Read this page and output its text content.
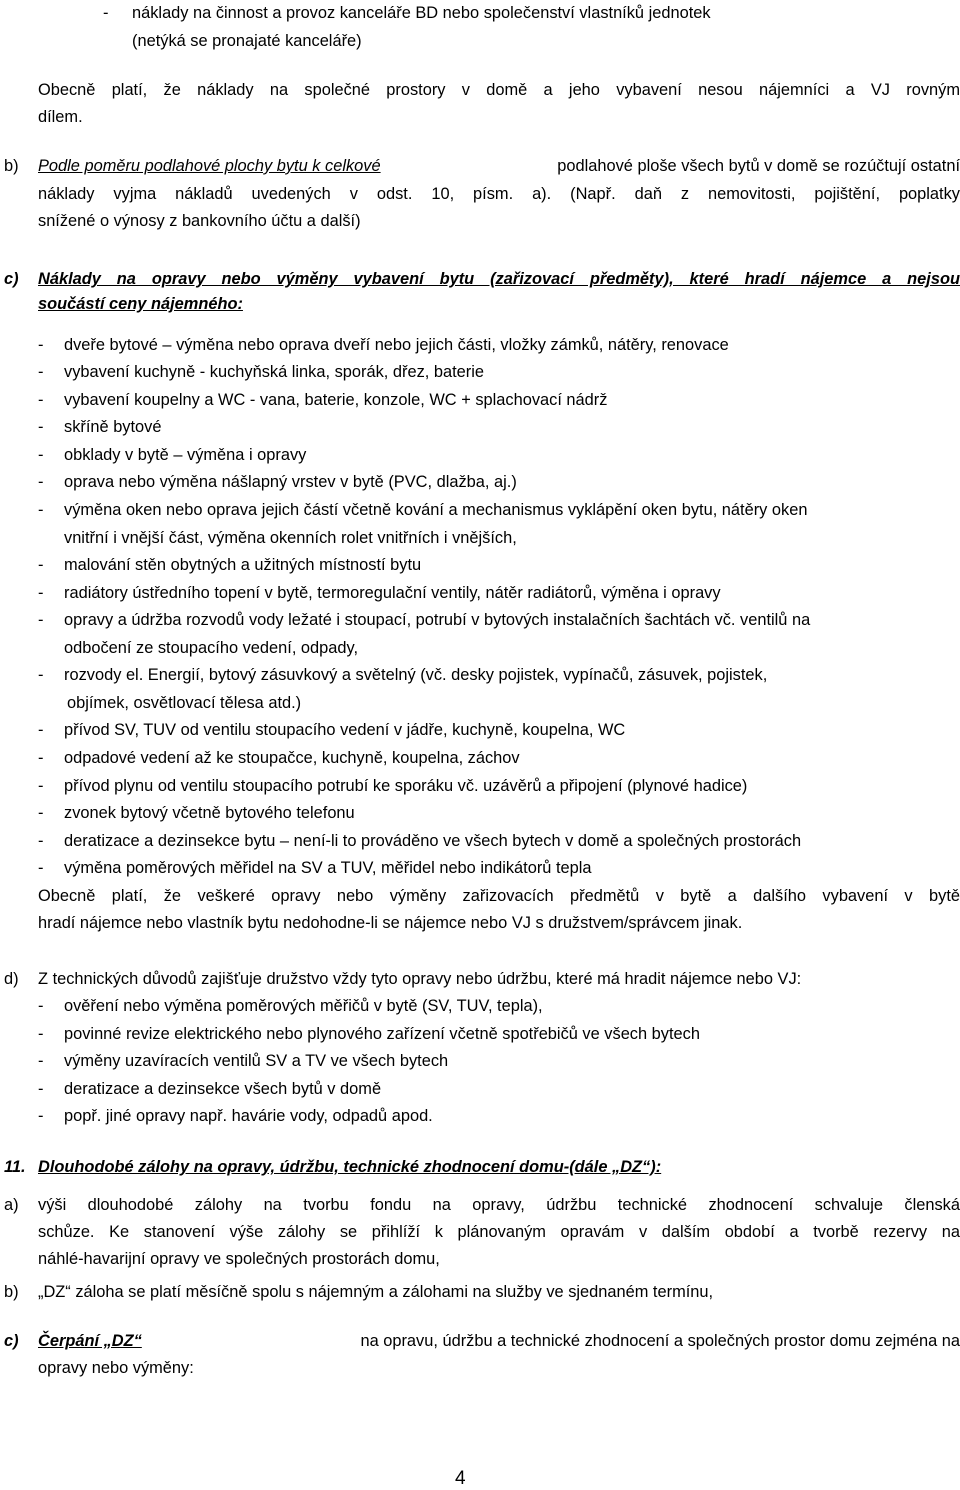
- náklady na činnost a provoz kanceláře BD nebo společenství vlastníků jednotek
(netýká se pronajaté kanceláře)
Obecně platí, že náklady na společné prostory v domě a jeho vybavení nesou nájemníci a VJ rovným
dílem.
b) Podle poměru podlahové plochy bytu k celkové	podlahové ploše všech bytů v domě se rozúčtují ostatní
náklady vyjma nákladů uvedených v odst. 10, písm. a). (Např. daň z nemovitosti, pojištění, poplatky
snížené o výnosy z bankovního účtu a další)
c) Náklady na opravy nebo výměny vybavení bytu (zařizovací předměty), které hradí nájemce a nejsou
součástí ceny nájemného:
- dveře bytové – výměna nebo oprava dveří nebo jejich části, vložky zámků, nátěry, renovace
- vybavení kuchyně - kuchyňská linka, sporák, dřez, baterie
- vybavení koupelny a WC - vana, baterie, konzole, WC + splachovací nádrž
- skříně bytové
- obklady v bytě – výměna i opravy
- oprava nebo výměna nášlapný vrstev v bytě (PVC, dlažba, aj.)
- výměna oken nebo oprava jejich částí včetně kování a mechanismus vyklápění oken bytu, nátěry oken
vnitřní i vnější část, výměna okenních rolet vnitřních i vnějších,
- malování stěn obytných a užitných místností bytu
- radiátory ústředního topení v bytě, termoregulační ventily, nátěr radiátorů, výměna i opravy
- opravy a údržba rozvodů vody ležaté i stoupací, potrubí v bytových instalačních šachtách vč. ventilů na
odbočení ze stoupacího vedení, odpady,
- rozvody el. Energií, bytový zásuvkový a světelný (vč. desky pojistek, vypínačů, zásuvek, pojistek,
objímek, osvětlovací tělesa atd.)
- přívod SV, TUV od ventilu stoupacího vedení v jádře, kuchyně, koupelna, WC
- odpadové vedení až ke stoupačce, kuchyně, koupelna, záchov
- přívod plynu od ventilu stoupacího potrubí ke sporáku vč. uzávěrů a připojení (plynové hadice)
- zvonek bytový včetně bytového telefonu
- deratizace a dezinsekce bytu – není-li to prováděno ve všech bytech v domě a společných prostorách
- výměna poměrových měřidel na SV a TUV, měřidel nebo indikátorů tepla
Obecně platí, že veškeré opravy nebo výměny zařizovacích předmětů v bytě a dalšího vybavení v bytě
hradí nájemce nebo vlastník bytu nedohodne-li se nájemce nebo VJ s družstvem/správcem jinak.
d) Z technických důvodů zajišťuje družstvo vždy tyto opravy nebo údržbu, které má hradit nájemce nebo VJ:
- ověření nebo výměna poměrových měřičů v bytě (SV, TUV, tepla),
- povinné revize elektrického nebo plynového zařízení včetně spotřebičů ve všech bytech
- výměny uzavíracích ventilů SV a TV ve všech bytech
- deratizace a dezinsekce všech bytů v domě
- popř. jiné opravy např. havárie vody, odpadů apod.
11. Dlouhodobé zálohy na opravy, údržbu, technické zhodnocení domu-(dále „DZ“):
a) výši dlouhodobé zálohy na tvorbu fondu na opravy, údržbu technické zhodnocení schvaluje členská
schůze. Ke stanovení výše zálohy se přihlíží k plánovaným opravám v dalším období a tvorbě rezervy na
náhlé-havarijní opravy ve společných prostorách domu,
b) „DZ“ záloha se platí měsíčně spolu s nájemným a zálohami na služby ve sjednaném termínu,
c) Čerpání „DZ“	na opravu, údržbu a technické zhodnocení a společných prostor domu zejména na
opravy nebo výměny:
4
